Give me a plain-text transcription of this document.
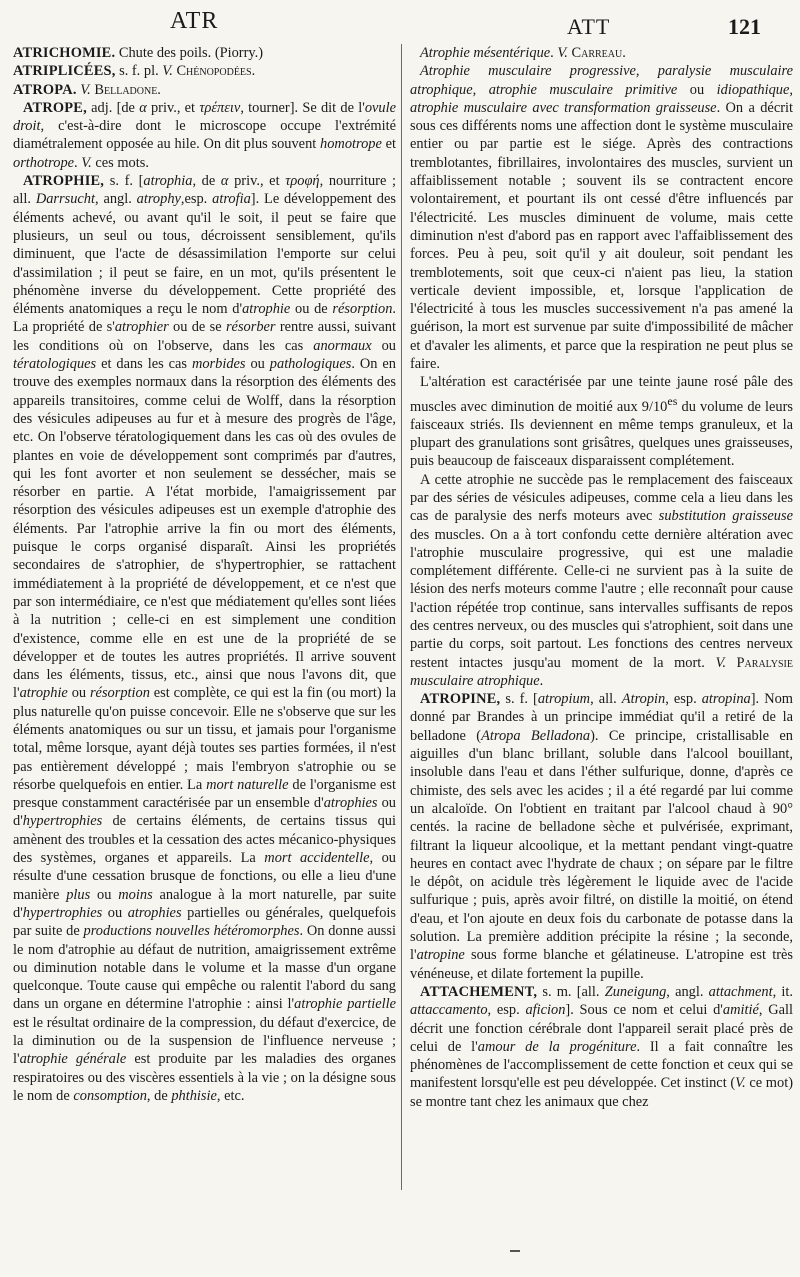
ATR	ATT	121

ATRICHOMIE. Chute des poils. (Piorry.)

ATRIPLICÉES, s. f. pl. V. Chénopodées.

ATROPA. V. Belladone.

ATROPE, adj. [de α priv., et τρέπειν, tourner]. Se dit de l'ovule droit, c'est-à-dire dont le microscope occupe l'extrémité diamétralement opposée au hile. On dit plus souvent homotrope et orthotrope. V. ces mots.

ATROPHIE, s. f. [atrophia, de α priv., et τροφή, nourriture ; all. Darrsucht, angl. atrophy,esp. atrofia]. Le développement des éléments achevé, ou avant qu'il le soit, il peut se faire que plusieurs, un seul ou tous, décroissent sensiblement, qu'ils diminuent, que l'acte de désassimilation l'emporte sur celui d'assimilation ; il peut se faire, en un mot, qu'ils présentent le phénomène inverse du développement. Cette propriété des éléments anatomiques a reçu le nom d'atrophie ou de résorption. La propriété de s'atrophier ou de se résorber rentre aussi, suivant les conditions où on l'observe, dans les cas anormaux ou tératologiques et dans les cas morbides ou pathologiques. On en trouve des exemples normaux dans la résorption des éléments des appareils transitoires, comme celui de Wolff, dans la résorption des vésicules adipeuses au fur et à mesure des progrès de l'âge, etc. On l'observe tératologiquement dans les cas où des ovules de plantes en voie de développement sont comprimés par d'autres, qui les font avorter et non seulement se dessécher, mais se résorber en partie. A l'état morbide, l'amaigrissement par résorption des vésicules adipeuses est un exemple d'atrophie des éléments. Par l'atrophie arrive la fin ou mort des éléments, puisque le corps organisé disparaît. Ainsi les propriétés secondaires de s'atrophier, de s'hypertrophier, se rattachent immédiatement à la propriété de développement, et ce n'est que par son intermédiaire, ce n'est que médiatement qu'elles sont liées à la nutrition ; celle-ci en est simplement une condition d'existence, comme elle en est une de la propriété de se développer et de toutes les autres propriétés. Il arrive souvent dans les éléments, tissus, etc., ainsi que nous l'avons dit, que l'atrophie ou résorption est complète, ce qui est la fin (ou mort) la plus naturelle qu'on puisse concevoir. Elle ne s'observe que sur les éléments anatomiques ou sur un tissu, et jamais pour l'organisme total, même lorsque, ayant déjà toutes ses parties formées, il n'est pas entièrement développé ; mais l'embryon s'atrophie ou se résorbe quelquefois en entier. La mort naturelle de l'organisme est presque constamment caractérisée par un ensemble d'atrophies ou d'hypertrophies de certains éléments, de certains tissus qui amènent des troubles et la cessation des actes mécanico-physiques des systèmes, organes et appareils. La mort accidentelle, ou résulte d'une cessation brusque de fonctions, ou elle a lieu d'une manière plus ou moins analogue à la mort naturelle, par suite d'hypertrophies ou atrophies partielles ou générales, quelquefois par suite de productions nouvelles hétéromorphes. On donne aussi le nom d'atrophie au défaut de nutrition, amaigrissement extrême ou diminution notable dans le volume et la masse d'un organe quelconque. Toute cause qui empêche ou ralentit l'abord du sang dans un organe en détermine l'atrophie : ainsi l'atrophie partielle est le résultat ordinaire de la compression, du défaut d'exercice, de la diminution ou de la suspension de l'influence nerveuse ; l'atrophie générale est produite par les maladies des organes respiratoires ou des viscères essentiels à la vie ; on la désigne sous le nom de consomption, de phthisie, etc.

Atrophie mésentérique. V. Carreau.

Atrophie musculaire progressive, paralysie musculaire atrophique, atrophie musculaire primitive ou idiopathique, atrophie musculaire avec transformation graisseuse. On a décrit sous ces différents noms une affection dont le système musculaire entier ou par partie est le siége. Après des contractions tremblotantes, fibrillaires, involontaires des muscles, survient un affaiblissement notable ; souvent ils se contractent encore volontairement, et pourtant ils ont cessé d'être influencés par l'électricité. Les muscles diminuent de volume, mais cette diminution n'est d'abord pas en rapport avec l'affaiblissement des forces. Peu à peu, soit qu'il y ait douleur, soit pendant les tremblotements, soit que ceux-ci n'aient pas lieu, la station verticale devient impossible, et, lorsque l'application de l'électricité à tous les muscles successivement n'a pas amené la guérison, la mort est survenue par suite d'impossibilité de mâcher et d'avaler les aliments, et parce que la respiration ne peut plus se faire.

L'altération est caractérisée par une teinte jaune rosé pâle des muscles avec diminution de moitié aux $9/10^{es}$ du volume de leurs faisceaux striés. Ils deviennent en même temps granuleux, et la plupart des granulations sont grisâtres, quelques unes graisseuses, puis beaucoup de faisceaux disparaissent complétement.

A cette atrophie ne succède pas le remplacement des faisceaux par des séries de vésicules adipeuses, comme cela a lieu dans les cas de paralysie des nerfs moteurs avec substitution graisseuse des muscles. On a à tort confondu cette dernière altération avec l'atrophie musculaire progressive, qui est une maladie complétement différente. Celle-ci ne survient pas à la suite de lésion des nerfs moteurs comme l'autre ; elle reconnaît pour cause l'action répétée trop continue, sans intervalles suffisants de repos des centres nerveux, ou des muscles qui s'atrophient, soit dans une partie du corps, soit partout. Les fonctions des centres nerveux restent intactes jusqu'au moment de la mort. V. Paralysie musculaire atrophique.

ATROPINE, s. f. [atropium, all. Atropin, esp. atropina]. Nom donné par Brandes à un principe immédiat qu'il a retiré de la belladone (Atropa Belladona). Ce principe, cristallisable en aiguilles d'un blanc brillant, soluble dans l'alcool bouillant, insoluble dans l'eau et dans l'éther sulfurique, donne, d'après ce chimiste, des sels avec les acides ; il a été regardé par lui comme un alcaloïde. On l'obtient en traitant par l'alcool chaud à 90° centés. la racine de belladone sèche et pulvérisée, exprimant, filtrant la liqueur alcoolique, et la mettant pendant vingt-quatre heures en contact avec l'hydrate de chaux ; on sépare par le filtre le dépôt, on acidule très légèrement le liquide avec de l'acide sulfurique ; puis, après avoir filtré, on distille la moitié, on étend d'eau, et l'on ajoute en deux fois du carbonate de potasse dans la solution. La première addition précipite la résine ; la seconde, l'atropine sous forme blanche et gélatineuse. L'atropine est très vénéneuse, et dilate fortement la pupille.

ATTACHEMENT, s. m. [all. Zuneigung, angl. attachment, it. attaccamento, esp. aficion]. Sous ce nom et celui d'amitié, Gall décrit une fonction cérébrale dont l'appareil serait placé près de celui de l'amour de la progéniture. Il a fait connaître les phénomènes de l'accomplissement de cette fonction et ceux qui se manifestent lorsqu'elle est peu développée. Cet instinct (V. ce mot) se montre tant chez les animaux que chez
